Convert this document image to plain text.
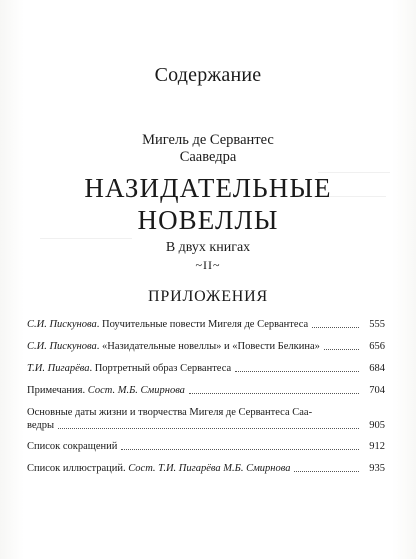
Содержание
Мигель де Сервантес
Сааведра
НАЗИДАТЕЛЬНЫЕ
НОВЕЛЛЫ
В двух книгах
~II~
ПРИЛОЖЕНИЯ
С.И. Пискунова. Поучительные повести Мигеля де Сервантеса	555
С.И. Пискунова. «Назидательные новеллы» и «Повести Белкина»	656
Т.И. Пигарёва. Портретный образ Сервантеса	684
Примечания. Сост. М.Б. Смирнова	704
Основные даты жизни и творчества Мигеля де Сервантеса Саа-
ведры	905
Список сокращений	912
Список иллюстраций. Сост. Т.И. Пигарёва М.Б. Смирнова	935
